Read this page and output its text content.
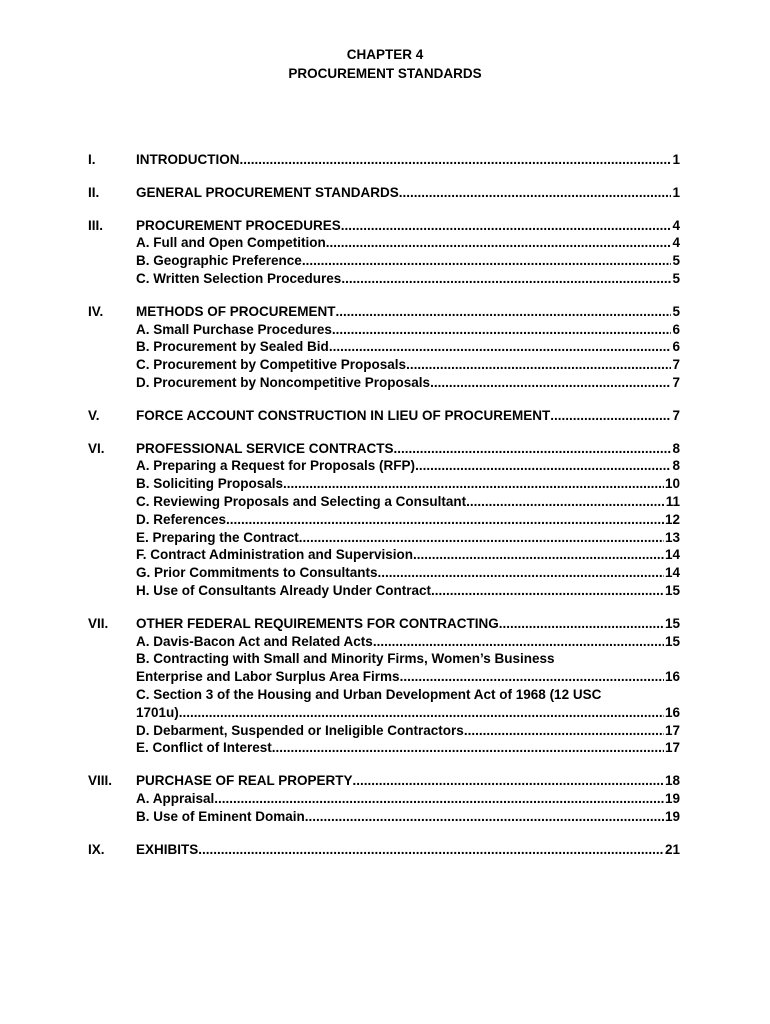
CHAPTER 4
PROCUREMENT STANDARDS
I.	INTRODUCTION .....	1
II.	GENERAL PROCUREMENT STANDARDS .....	1
III. PROCUREMENT PROCEDURES .....	4
A. Full and Open Competition .....	4
B. Geographic Preference .....	5
C. Written Selection Procedures .....	5
IV. METHODS OF PROCUREMENT .....	5
A. Small Purchase Procedures .....	6
B. Procurement by Sealed Bid .....	6
C. Procurement by Competitive Proposals .....	7
D. Procurement by Noncompetitive Proposals .....	7
V.	FORCE ACCOUNT CONSTRUCTION IN LIEU OF PROCUREMENT .....	7
VI. PROFESSIONAL SERVICE CONTRACTS .....	8
A. Preparing a Request for Proposals (RFP) .....	8
B. Soliciting Proposals .....	10
C. Reviewing Proposals and Selecting a Consultant .....	11
D. References .....	12
E. Preparing the Contract .....	13
F. Contract Administration and Supervision .....	14
G. Prior Commitments to Consultants .....	14
H. Use of Consultants Already Under Contract .....	15
VII. OTHER FEDERAL REQUIREMENTS FOR CONTRACTING .....	15
A. Davis-Bacon Act and Related Acts .....	15
B. Contracting with Small and Minority Firms, Women’s Business
Enterprise and Labor Surplus Area Firms .....	16
C. Section 3 of the Housing and Urban Development Act of 1968 (12 USC
1701u) .....	16
D. Debarment, Suspended or Ineligible Contractors .....	17
E. Conflict of Interest .....	17
VIII. PURCHASE OF REAL PROPERTY .....	18
A. Appraisal .....	19
B. Use of Eminent Domain .....	19
IX. EXHIBITS .....	21
